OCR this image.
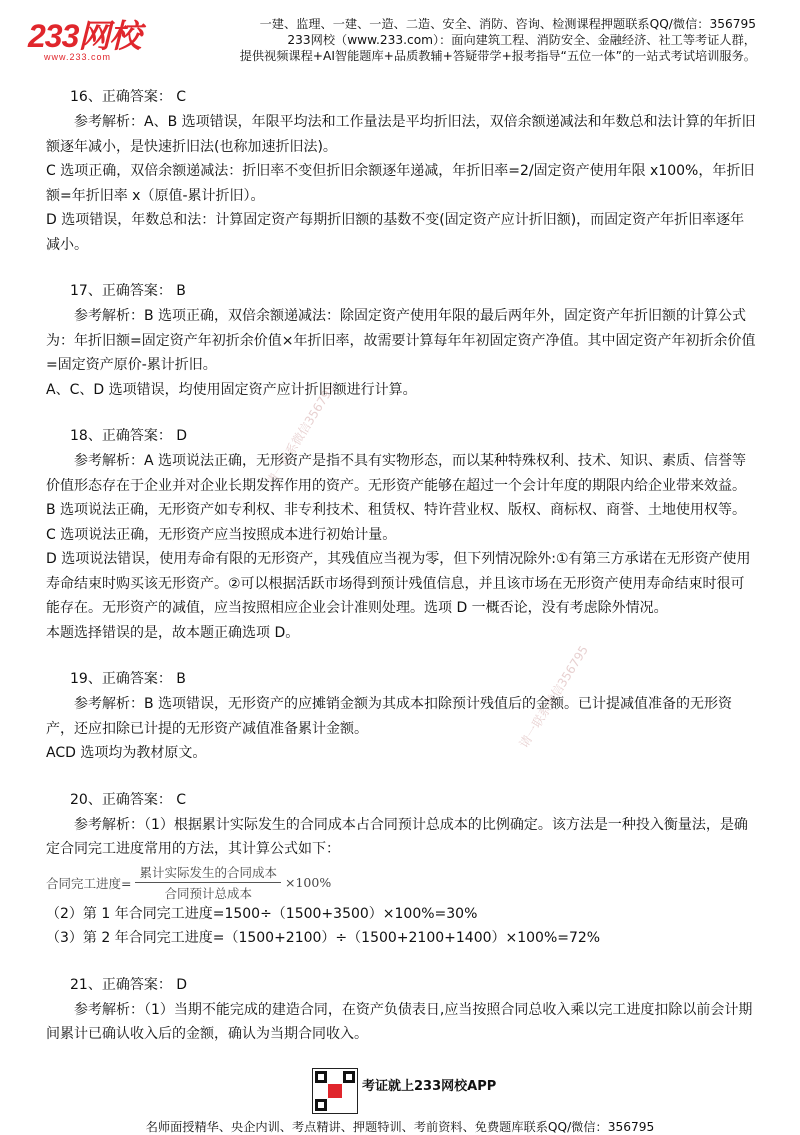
233网校
www.233.com
一建、监理、一建、一造、二造、安全、消防、咨询、检测课程押题联系QQ/微信：356795
233网校（www.233.com）：面向建筑工程、消防安全、金融经济、社工等考证人群，
提供视频课程+AI智能题库+品质教辅+答疑带学+报考指导“五位一体”的一站式考试培训服务。
请一联系微信356795
请一联系微信356795

16、正确答案： C

参考解析：A、B 选项错误，年限平均法和工作量法是平均折旧法，双倍余额递减法和年数总和法计算的年折旧额逐年减小，是快速折旧法(也称加速折旧法)。

C 选项正确，双倍余额递减法：折旧率不变但折旧余额逐年递减，年折旧率=2/固定资产使用年限 x100%，年折旧额=年折旧率 x（原值-累计折旧）。

D 选项错误，年数总和法：计算固定资产每期折旧额的基数不变(固定资产应计折旧额)，而固定资产年折旧率逐年减小。

17、正确答案： B

参考解析：B 选项正确，双倍余额递减法：除固定资产使用年限的最后两年外，固定资产年折旧额的计算公式为：年折旧额=固定资产年初折余价值×年折旧率，故需要计算每年年初固定资产净值。其中固定资产年初折余价值=固定资产原价-累计折旧。

A、C、D 选项错误，均使用固定资产应计折旧额进行计算。

18、正确答案： D

参考解析：A 选项说法正确，无形资产是指不具有实物形态，而以某种特殊权利、技术、知识、素质、信誉等价值形态存在于企业并对企业长期发挥作用的资产。无形资产能够在超过一个会计年度的期限内给企业带来效益。

B 选项说法正确，无形资产如专利权、非专利技术、租赁权、特许营业权、版权、商标权、商誉、土地使用权等。

C 选项说法正确，无形资产应当按照成本进行初始计量。

D 选项说法错误，使用寿命有限的无形资产，其残值应当视为零，但下列情况除外:①有第三方承诺在无形资产使用寿命结束时购买该无形资产。②可以根据活跃市场得到预计残值信息，并且该市场在无形资产使用寿命结束时很可能存在。无形资产的减值，应当按照相应企业会计准则处理。选项 D 一概否论，没有考虑除外情况。

本题选择错误的是，故本题正确选项 D。

19、正确答案： B

参考解析：B 选项错误，无形资产的应摊销金额为其成本扣除预计残值后的金额。已计提减值准备的无形资产，还应扣除已计提的无形资产减值准备累计金额。

ACD 选项均为教材原文。

20、正确答案： C

参考解析：（1）根据累计实际发生的合同成本占合同预计总成本的比例确定。该方法是一种投入衡量法，是确定合同完工进度常用的方法，其计算公式如下：

合同完工进度= $\frac{\text{累计实际发生的合同成本}}{\text{合同预计总成本}} \times 100\%$

（2）第 1 年合同完工进度=1500÷（1500+3500）×100%=30%

（3）第 2 年合同完工进度=（1500+2100）÷（1500+2100+1400）×100%=72%

21、正确答案： D

参考解析：（1）当期不能完成的建造合同，在资产负债表日,应当按照合同总收入乘以完工进度扣除以前会计期间累计已确认收入后的金额，确认为当期合同收入。

考证就上233网校APP
名师面授精华、央企内训、考点精讲、押题特训、考前资料、免费题库联系QQ/微信：356795
